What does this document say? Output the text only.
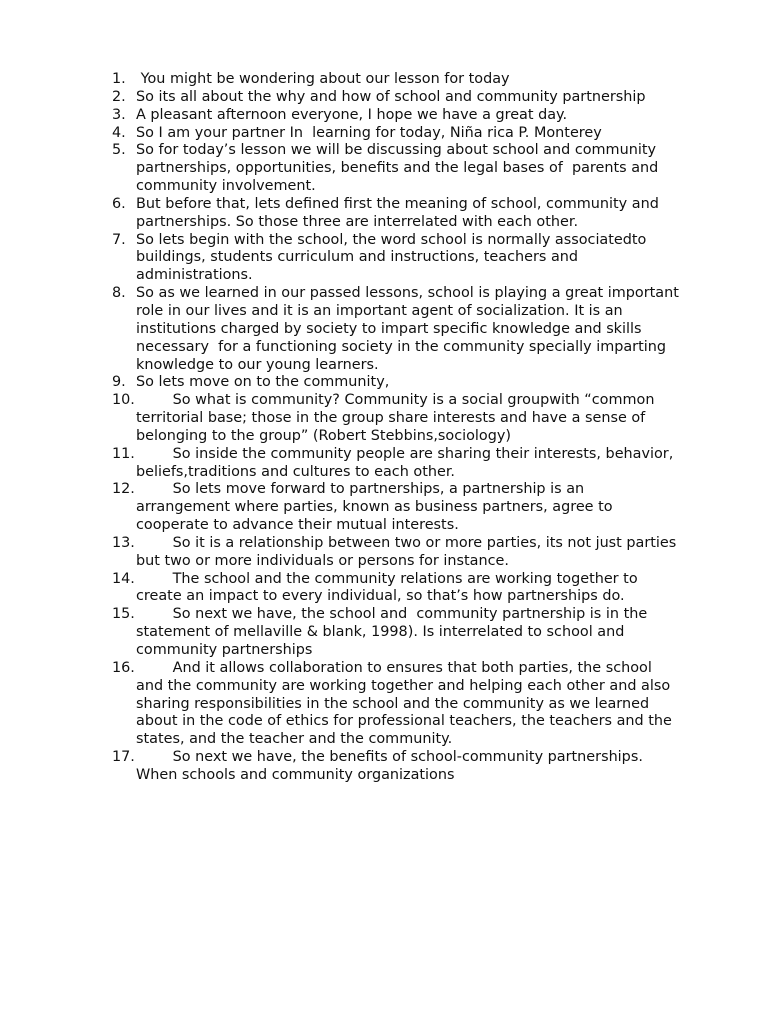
1. You might be wondering about our lesson for today
2. So its all about the why and how of school and community partnership
3. A pleasant afternoon everyone, I hope we have a great day.
4. So I am your partner In  learning for today, Niña rica P. Monterey
5. So for today’s lesson we will be discussing about school and community partnerships, opportunities, benefits and the legal bases of  parents and community involvement.
6. But before that, lets defined first the meaning of school, community and partnerships. So those three are interrelated with each other.
7. So lets begin with the school, the word school is normally associatedto buildings, students curriculum and instructions, teachers and administrations.
8. So as we learned in our passed lessons, school is playing a great important role in our lives and it is an important agent of socialization. It is an institutions charged by society to impart specific knowledge and skills necessary  for a functioning society in the community specially imparting knowledge to our young learners.
9. So lets move on to the community,
10.	So what is community? Community is a social groupwith “common territorial base; those in the group share interests and have a sense of belonging to the group” (Robert Stebbins,sociology)
11.	So inside the community people are sharing their interests, behavior, beliefs,traditions and cultures to each other.
12.	So lets move forward to partnerships, a partnership is an arrangement where parties, known as business partners, agree to cooperate to advance their mutual interests.
13.	So it is a relationship between two or more parties, its not just parties but two or more individuals or persons for instance.
14.	The school and the community relations are working together to create an impact to every individual, so that’s how partnerships do.
15.	So next we have, the school and  community partnership is in the statement of mellaville & blank, 1998). Is interrelated to school and community partnerships
16.	And it allows collaboration to ensures that both parties, the school and the community are working together and helping each other and also sharing responsibilities in the school and the community as we learned about in the code of ethics for professional teachers, the teachers and the states, and the teacher and the community.
17.	So next we have, the benefits of school-community partnerships. When schools and community organizations
